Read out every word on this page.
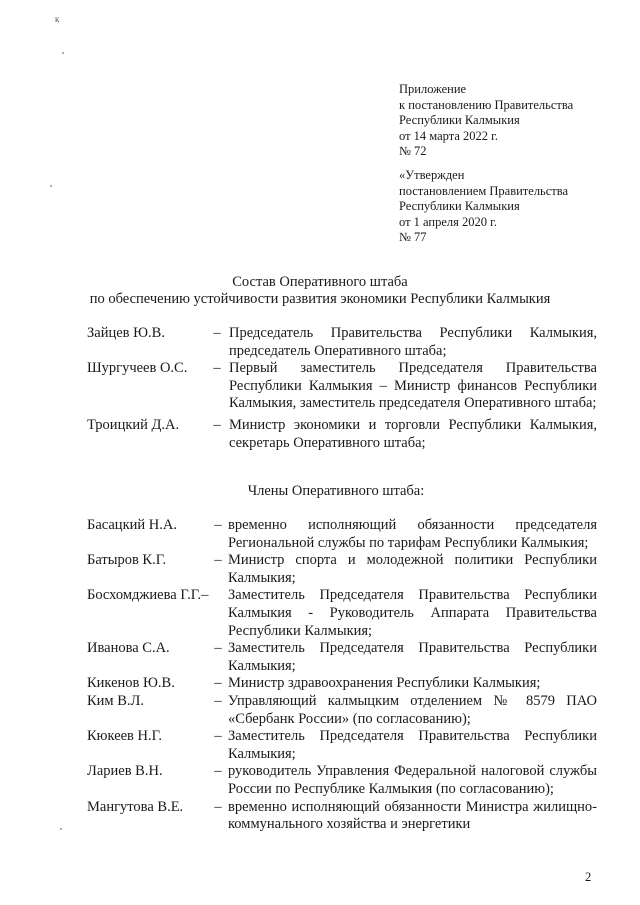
к
Приложение
к постановлению Правительства
Республики Калмыкия
от 14 марта 2022 г.
№ 72
«Утвержден
постановлением Правительства
Республики Калмыкия
от 1 апреля 2020 г.
№ 77
Состав Оперативного штаба
по обеспечению устойчивости развития экономики Республики Калмыкия
Зайцев Ю.В.	– Председатель Правительства Республики Калмыкия, председатель Оперативного штаба;
Шургучеев О.С.	– Первый заместитель Председателя Правительства Республики Калмыкия – Министр финансов Республики Калмыкия, заместитель председателя Оперативного штаба;
Троицкий Д.А.	– Министр экономики и торговли Республики Калмыкия, секретарь Оперативного штаба;
Члены Оперативного штаба:
Басацкий Н.А.	– временно исполняющий обязанности председателя Региональной службы по тарифам Республики Калмыкия;
Батыров К.Г.	– Министр спорта и молодежной политики Республики Калмыкия;
Босхомджиева Г.Г.– Заместитель Председателя Правительства Республики Калмыкия - Руководитель Аппарата Правительства Республики Калмыкия;
Иванова С.А.	– Заместитель Председателя Правительства Республики Калмыкия;
Кикенов Ю.В.	– Министр здравоохранения Республики Калмыкия;
Ким В.Л.	– Управляющий калмыцким отделением № 8579 ПАО «Сбербанк России» (по согласованию);
Кюкеев Н.Г.	– Заместитель Председателя Правительства Республики Калмыкия;
Лариев В.Н.	– руководитель Управления Федеральной налоговой службы России по Республике Калмыкия (по согласованию);
Мангутова В.Е.	– временно исполняющий обязанности Министра жилищно-коммунального хозяйства и энергетики
2
